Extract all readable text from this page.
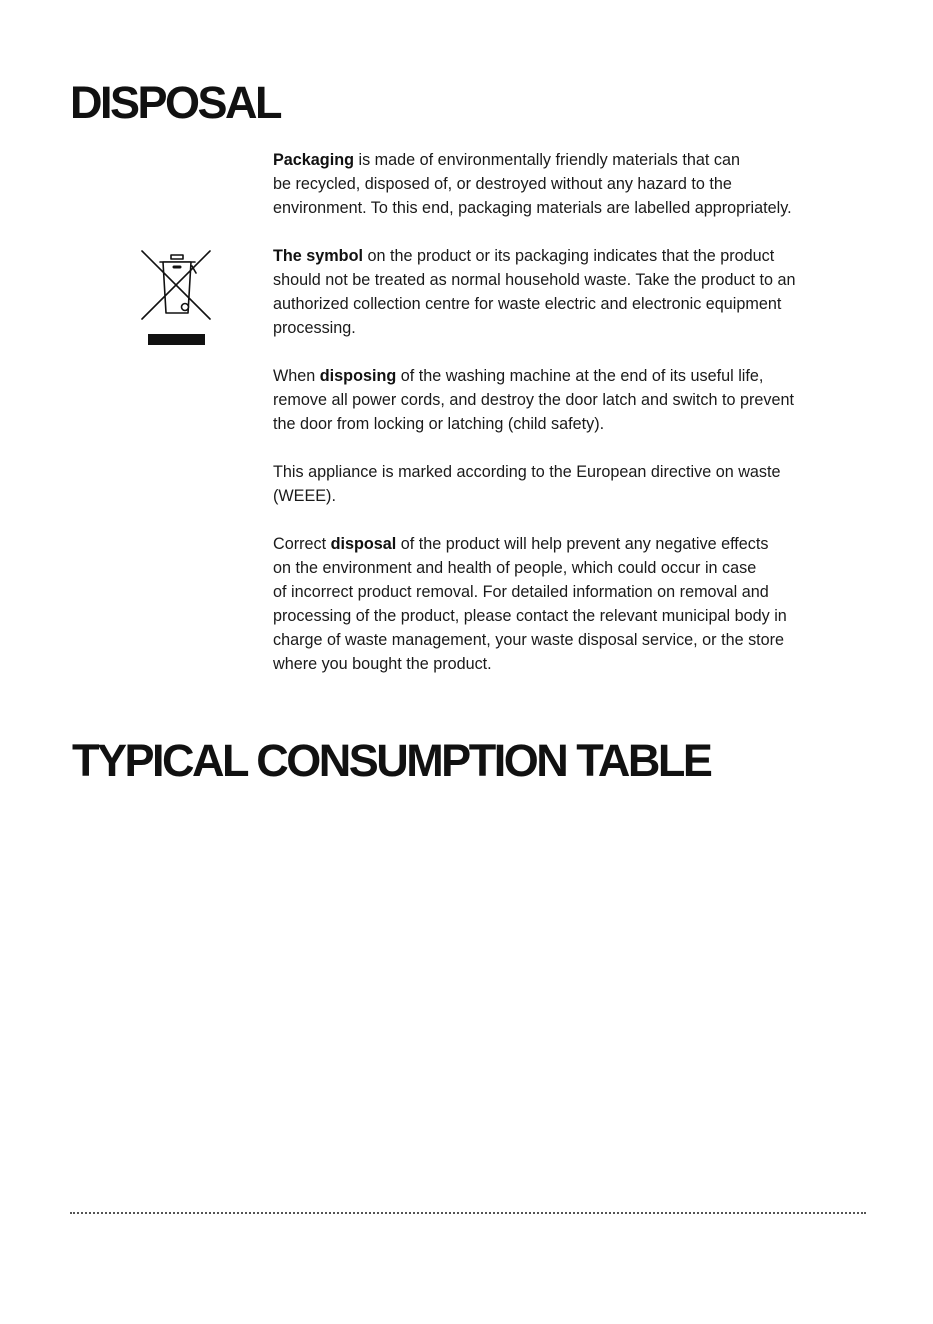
DISPOSAL

Packaging is made of environmentally friendly materials that can
be recycled, disposed of, or destroyed without any hazard to the
environment. To this end, packaging materials are labelled appropriately.

The symbol on the product or its packaging indicates that the product
should not be treated as normal household waste. Take the product to an
authorized collection centre for waste electric and electronic equipment
processing.

When disposing of the washing machine at the end of its useful life,
remove all power cords, and destroy the door latch and switch to prevent
the door from locking or latching (child safety).

This appliance is marked according to the European directive on waste
(WEEE).

Correct disposal of the product will help prevent any negative effects
on the environment and health of people, which could occur in case
of incorrect product removal. For detailed information on removal and
processing of the product, please contact the relevant municipal body in
charge of waste management, your waste disposal service, or the store
where you bought the product.

TYPICAL CONSUMPTION TABLE
